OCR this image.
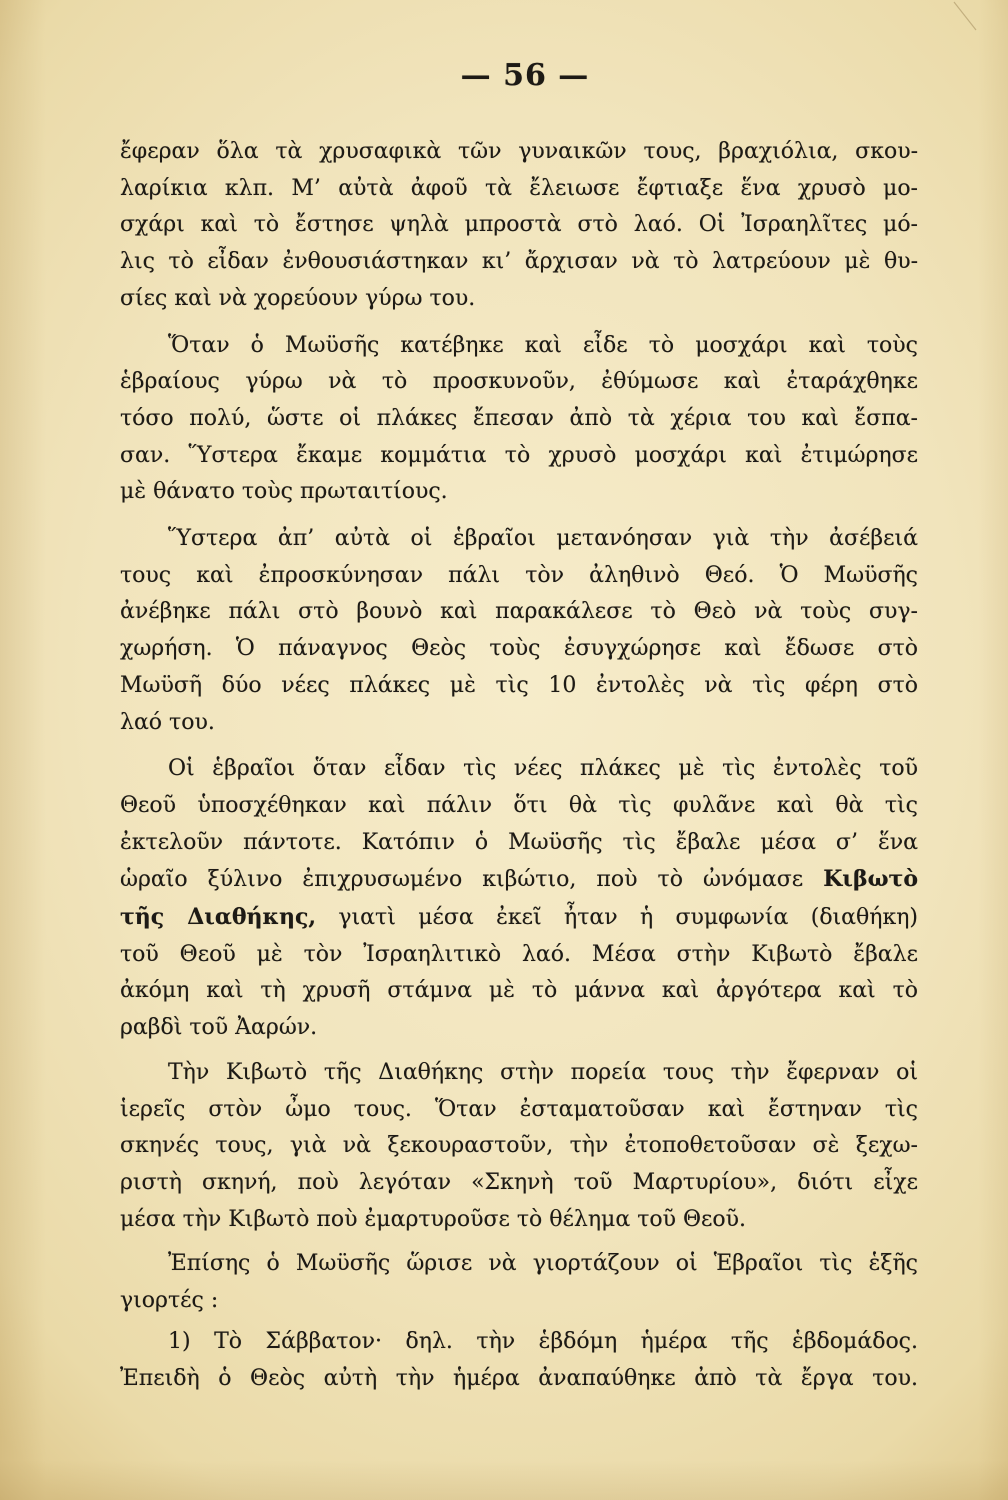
— 56 —
ἔφεραν ὅλα τὰ χρυσαφικὰ τῶν γυναικῶν τους, βραχιόλια, σκου-
λαρίκια κλπ. Μ’ αὐτὰ ἀφοῦ τὰ ἔλειωσε ἔφτιαξε ἕνα χρυσὸ μο-
σχάρι καὶ τὸ ἔστησε ψηλὰ μπροστὰ στὸ λαό. Οἱ Ἰσραηλῖτες μό-
λις τὸ εἶδαν ἐνθουσιάστηκαν κι’ ἄρχισαν νὰ τὸ λατρεύουν μὲ θυ-
σίες καὶ νὰ χορεύουν γύρω του.
Ὅταν ὁ Μωϋσῆς κατέβηκε καὶ εἶδε τὸ μοσχάρι καὶ τοὺς
ἑβραίους γύρω νὰ τὸ προσκυνοῦν, ἐθύμωσε καὶ ἐταράχθηκε
τόσο πολύ, ὥστε οἱ πλάκες ἔπεσαν ἀπὸ τὰ χέρια του καὶ ἔσπα-
σαν. Ὕστερα ἔκαμε κομμάτια τὸ χρυσὸ μοσχάρι καὶ ἐτιμώρησε
μὲ θάνατο τοὺς πρωταιτίους.
Ὕστερα ἀπ’ αὐτὰ οἱ ἑβραῖοι μετανόησαν γιὰ τὴν ἀσέβειά
τους καὶ ἐπροσκύνησαν πάλι τὸν ἀληθινὸ Θεό. Ὁ Μωϋσῆς
ἀνέβηκε πάλι στὸ βουνὸ καὶ παρακάλεσε τὸ Θεὸ νὰ τοὺς συγ-
χωρήση. Ὁ πάναγνος Θεὸς τοὺς ἐσυγχώρησε καὶ ἔδωσε στὸ
Μωϋσῆ δύο νέες πλάκες μὲ τὶς 10 ἐντολὲς νὰ τὶς φέρη στὸ
λαό του.
Οἱ ἑβραῖοι ὅταν εἶδαν τὶς νέες πλάκες μὲ τὶς ἐντολὲς τοῦ
Θεοῦ ὑποσχέθηκαν καὶ πάλιν ὅτι θὰ τὶς φυλᾶνε καὶ θὰ τὶς
ἐκτελοῦν πάντοτε. Κατόπιν ὁ Μωϋσῆς τὶς ἔβαλε μέσα σ’ ἕνα
ὡραῖο ξύλινο ἐπιχρυσωμένο κιβώτιο, ποὺ τὸ ὠνόμασε Κιβωτὸ
τῆς Διαθήκης, γιατὶ μέσα ἐκεῖ ἦταν ἡ συμφωνία (διαθήκη)
τοῦ Θεοῦ μὲ τὸν Ἰσραηλιτικὸ λαό. Μέσα στὴν Κιβωτὸ ἔβαλε
ἀκόμη καὶ τὴ χρυσῆ στάμνα μὲ τὸ μάννα καὶ ἀργότερα καὶ τὸ
ραβδὶ τοῦ Ἀαρών.
Τὴν Κιβωτὸ τῆς Διαθήκης στὴν πορεία τους τὴν ἔφερναν οἱ
ἱερεῖς στὸν ὦμο τους. Ὅταν ἐσταματοῦσαν καὶ ἔστηναν τὶς
σκηνές τους, γιὰ νὰ ξεκουραστοῦν, τὴν ἐτοποθετοῦσαν σὲ ξεχω-
ριστὴ σκηνή, ποὺ λεγόταν «Σκηνὴ τοῦ Μαρτυρίου», διότι εἶχε
μέσα τὴν Κιβωτὸ ποὺ ἐμαρτυροῦσε τὸ θέλημα τοῦ Θεοῦ.
Ἐπίσης ὁ Μωϋσῆς ὥρισε νὰ γιορτάζουν οἱ Ἑβραῖοι τὶς ἑξῆς
γιορτές :
1) Τὸ Σάββατον· δηλ. τὴν ἑβδόμη ἡμέρα τῆς ἑβδομάδος.
Ἐπειδὴ ὁ Θεὸς αὐτὴ τὴν ἡμέρα ἀναπαύθηκε ἀπὸ τὰ ἔργα του.
